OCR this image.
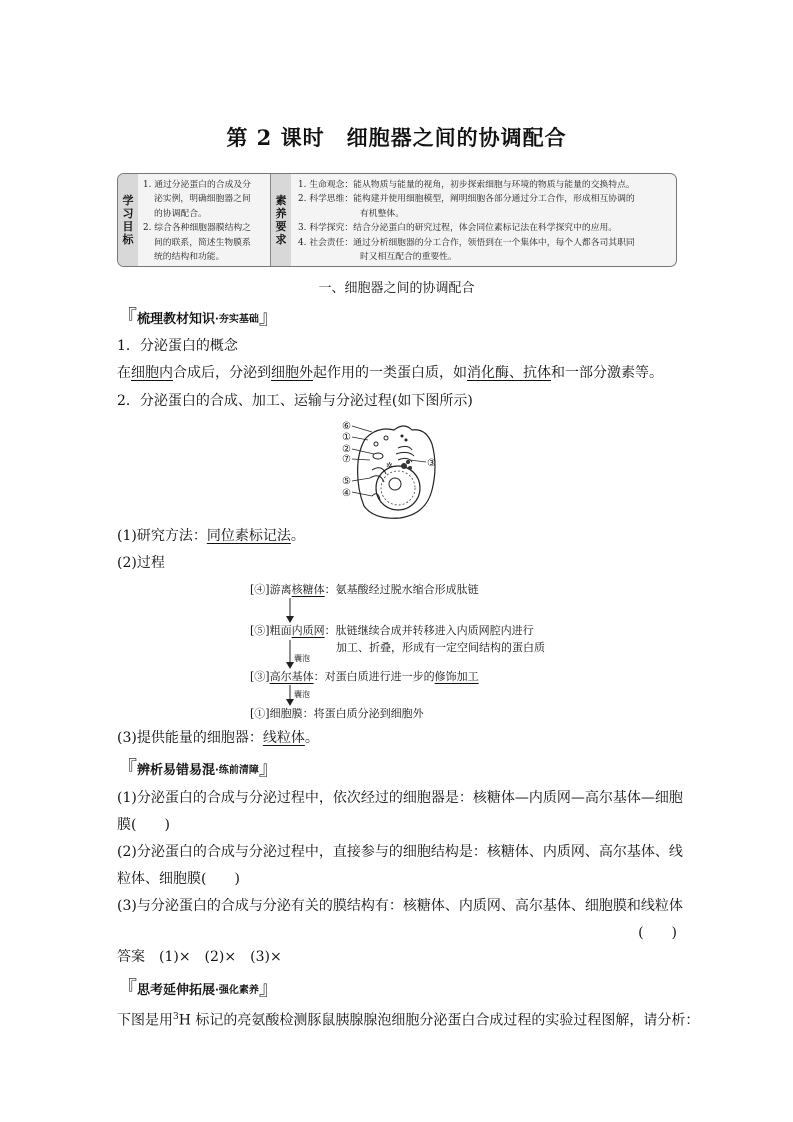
第 2 课时　细胞器之间的协调配合
学习目标

1. 通过分泌蛋白的合成及分

泌实例，明确细胞器之间

的协调配合。

2. 综合各种细胞器膜结构之

间的联系，简述生物膜系

统的结构和功能。

素养要求

1. 生命观念：能从物质与能量的视角，初步探索细胞与环境的物质与能量的交换特点。

2. 科学思维：能构建并使用细胞模型，阐明细胞各部分通过分工合作，形成相互协调的

有机整体。

3. 科学探究：结合分泌蛋白的研究过程，体会同位素标记法在科学探究中的应用。

4. 社会责任：通过分析细胞器的分工合作，领悟到在一个集体中，每个人都各司其职同

时又相互配合的重要性。

一、细胞器之间的协调配合
『 梳理教材知识 ·夯实基础 』
1．分泌蛋白的概念
在细胞内合成后，分泌到细胞外起作用的一类蛋白质，如消化酶、抗体和一部分激素等。
2．分泌蛋白的合成、加工、运输与分泌过程(如下图所示)
✲
⑥
①
②
⑦	③
⑤
④
(1)研究方法：同位素标记法。
(2)过程
[④]游离核糖体：氨基酸经过脱水缩合形成肽链
[⑤]粗面内质网：肽链继续合成并转移进入内质网腔内进行
加工、折叠，形成有一定空间结构的蛋白质
囊泡
[③]高尔基体：对蛋白质进行进一步的修饰加工
囊泡
[①]细胞膜：将蛋白质分泌到细胞外
(3)提供能量的细胞器：线粒体。
『 辨析易错易混 ·练前清障 』
(1)分泌蛋白的合成与分泌过程中，依次经过的细胞器是：核糖体—内质网—高尔基体—细胞
膜(　　)
(2)分泌蛋白的合成与分泌过程中，直接参与的细胞结构是：核糖体、内质网、高尔基体、线
粒体、细胞膜(　　)
(3)与分泌蛋白的合成与分泌有关的膜结构有：核糖体、内质网、高尔基体、细胞膜和线粒体
(　　)
答案　(1)×　(2)×　(3)×
『 思考延伸拓展 ·强化素养 』
下图是用$^3$H 标记的亮氨酸检测豚鼠胰腺腺泡细胞分泌蛋白合成过程的实验过程图解，请分析：
